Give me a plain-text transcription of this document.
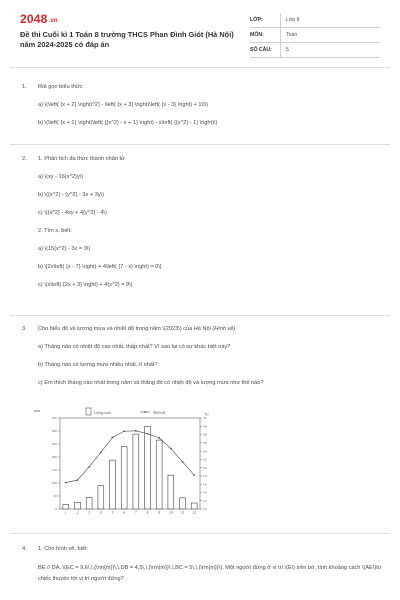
2048.vn
Đề thi Cuối kì 1 Toán 8 trường THCS Phan Đình Giót (Hà Nội) năm 2024-2025 có đáp án
LỚP:	Lớp 8
MÔN:	Toán
SỐ CÂU:	5
1. Rút gọn biểu thức
a) \(\left( {x + 2} \right)^2) - \left( {x + 3} \right)\left( {x - 3} \right) + 10\)
b) \(\left( {x + 1} \right)\left( {{x^2} - x + 1} \right) - x\left( {{x^2} - 1} \right)\)
2. 1. Phân tích đa thức thành nhân tử
a) \(xy - 16{x^2}y\)
b) \({x^2} - {y^2} - 3x + 3y\)
c) \({x^2} - 4xy + 4{y^2} - 4\)
2. Tìm x, biết:
a) \(15{x^2} - 3x = 0\)
b) \[2x\left( {x - 7} \right) + 4\left( {7 - x} \right) = 0\]
c) \(x\left( {2x + 3} \right) + 4{x^2} = 9\)
3. Cho biểu đồ về lượng mưa và nhiệt độ trong năm \(2023\) của Hà Nội (Hình vẽ)
a) Tháng nào có nhiệt độ cao nhất, thấp nhất? Vì sao lại có sự khác biệt này?
b) Tháng nào có lượng mưa nhiều nhất, ít nhất?
c) Em thích tháng nào nhất trong năm và tháng đó có nhiệt độ và lượng mưa như thế nào?
mm
°C
Lượng mưa	Nhiệt độ
350
300
250
200
150
100
50
0
32
30
28
26
24
22
20
18
16
14
12
10
1	2	3	4	5	6	7	8	9 10 11 12
4. 1. Cho hình vẽ, biết:
BE // DA, \(EC = 9,6\,\,{\rm{m}}\,\,DB = 4,5\,\,{\rm{m}}\,\,BC = 5\,\,{\rm{m}}\). Một người đứng ở vị trí \(E\) trên bờ, tính khoảng cách \(AE\)từ chiếc thuyền tới vị trí người đứng?
